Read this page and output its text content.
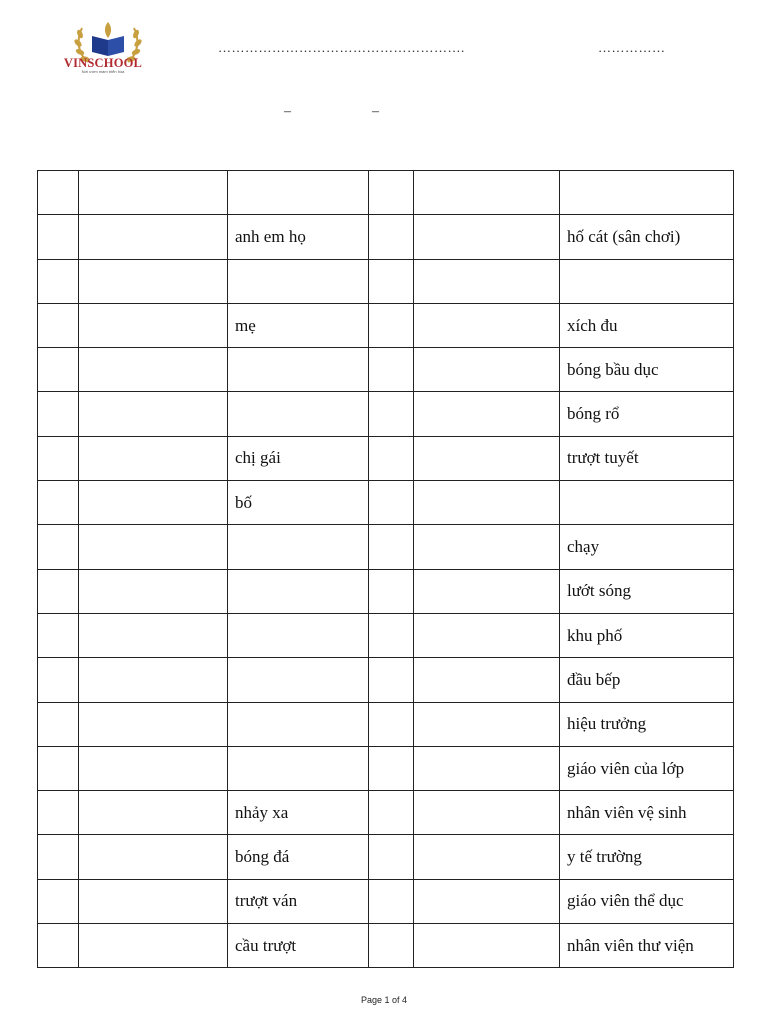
VINSCHOOL
Nơi ươm mầm triển hoa
……………………………………………….	……………
–	–

		anh em họ			hố cát (sân chơi)

		mẹ			xích đu
					bóng bầu dục
					bóng rổ
		chị gái			trượt tuyết
		bố			
					chạy
					lướt sóng
					khu phố
					đầu bếp
					hiệu trưởng
					giáo viên của lớp
		nhảy xa			nhân viên vệ sinh
		bóng đá			y tế trường
		trượt ván			giáo viên thể dục
		cầu trượt			nhân viên thư viện
Page 1 of 4
